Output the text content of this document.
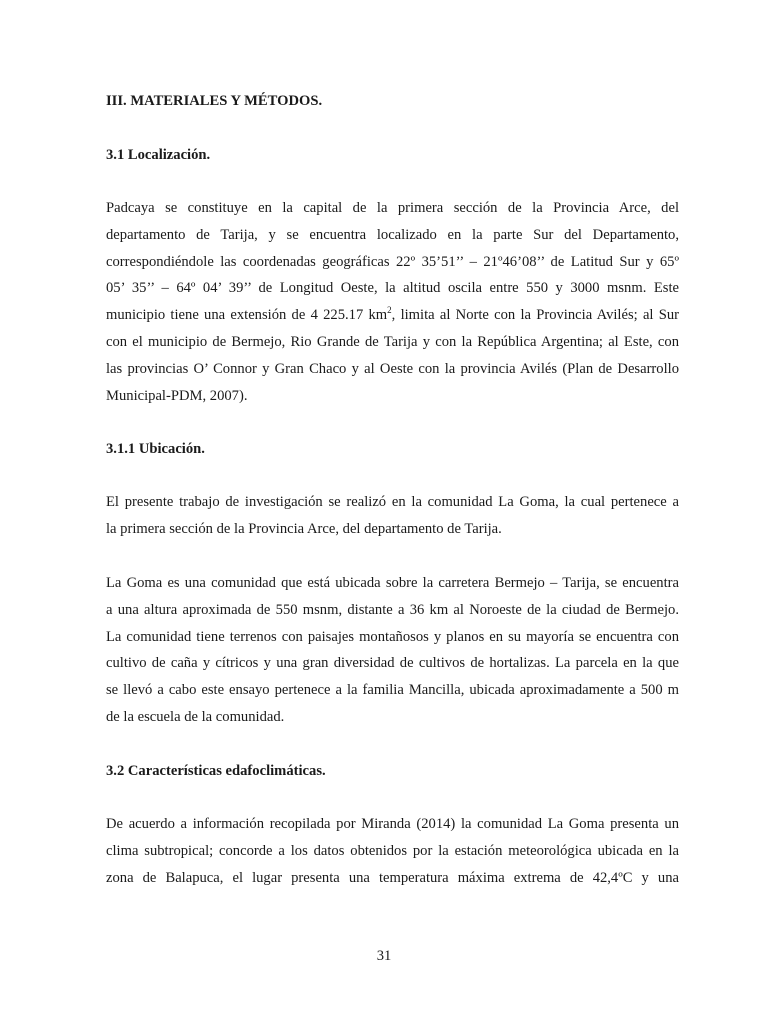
III. MATERIALES Y MÉTODOS.
3.1 Localización.
Padcaya se constituye en la capital de la primera sección de la Provincia Arce, del
departamento de Tarija, y se encuentra localizado en la parte Sur del Departamento,
correspondiéndole las coordenadas geográficas 22º 35’51’’ – 21º46’08’’ de Latitud Sur y 65º
05’ 35’’ – 64º 04’ 39’’ de Longitud Oeste, la altitud oscila entre 550 y 3000 msnm. Este
municipio tiene una extensión de 4 225.17 $km^2$, limita al Norte con la Provincia Avilés; al Sur
con el municipio de Bermejo, Rio Grande de Tarija y con la República Argentina; al Este, con
las provincias O’ Connor y Gran Chaco y al Oeste con la provincia Avilés (Plan de Desarrollo
Municipal-PDM, 2007).
3.1.1 Ubicación.
El presente trabajo de investigación se realizó en la comunidad La Goma, la cual pertenece a
la primera sección de la Provincia Arce, del departamento de Tarija.
La Goma es una comunidad que está ubicada sobre la carretera Bermejo – Tarija, se encuentra
a una altura aproximada de 550 msnm, distante a 36 km al Noroeste de la ciudad de Bermejo.
La comunidad tiene terrenos con paisajes montañosos y planos en su mayoría se encuentra con
cultivo de caña y cítricos y una gran diversidad de cultivos de hortalizas. La parcela en la que
se llevó a cabo este ensayo pertenece a la familia Mancilla, ubicada aproximadamente a 500 m
de la escuela de la comunidad.
3.2 Características edafoclimáticas.
De acuerdo a información recopilada por Miranda (2014) la comunidad La Goma presenta un
clima subtropical; concorde a los datos obtenidos por la estación meteorológica ubicada en la
zona de Balapuca, el lugar presenta una temperatura máxima extrema de 42,4ºC y una
31
